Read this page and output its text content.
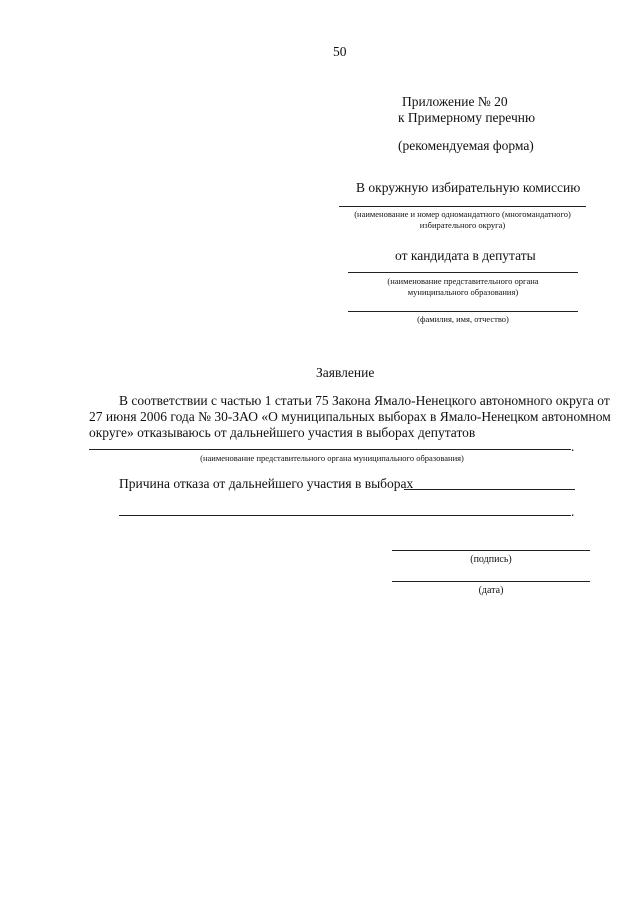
50
Приложение № 20
к Примерному перечню
(рекомендуемая форма)
В окружную избирательную комиссию
(наименование и номер одномандатного (многомандатного)
избирательного округа)
от кандидата в депутаты
(наименование представительного органа
муниципального образования)
(фамилия, имя, отчество)
Заявление
В соответствии с частью 1 статьи 75 Закона Ямало-Ненецкого автономного округа от
27 июня 2006 года № 30-ЗАО «О муниципальных выборах в Ямало-Ненецком автономном
округе» отказываюсь от дальнейшего участия в выборах депутатов
.
(наименование представительного органа муниципального образования)
Причина отказа от дальнейшего участия в выборах
.
(подпись)
(дата)
